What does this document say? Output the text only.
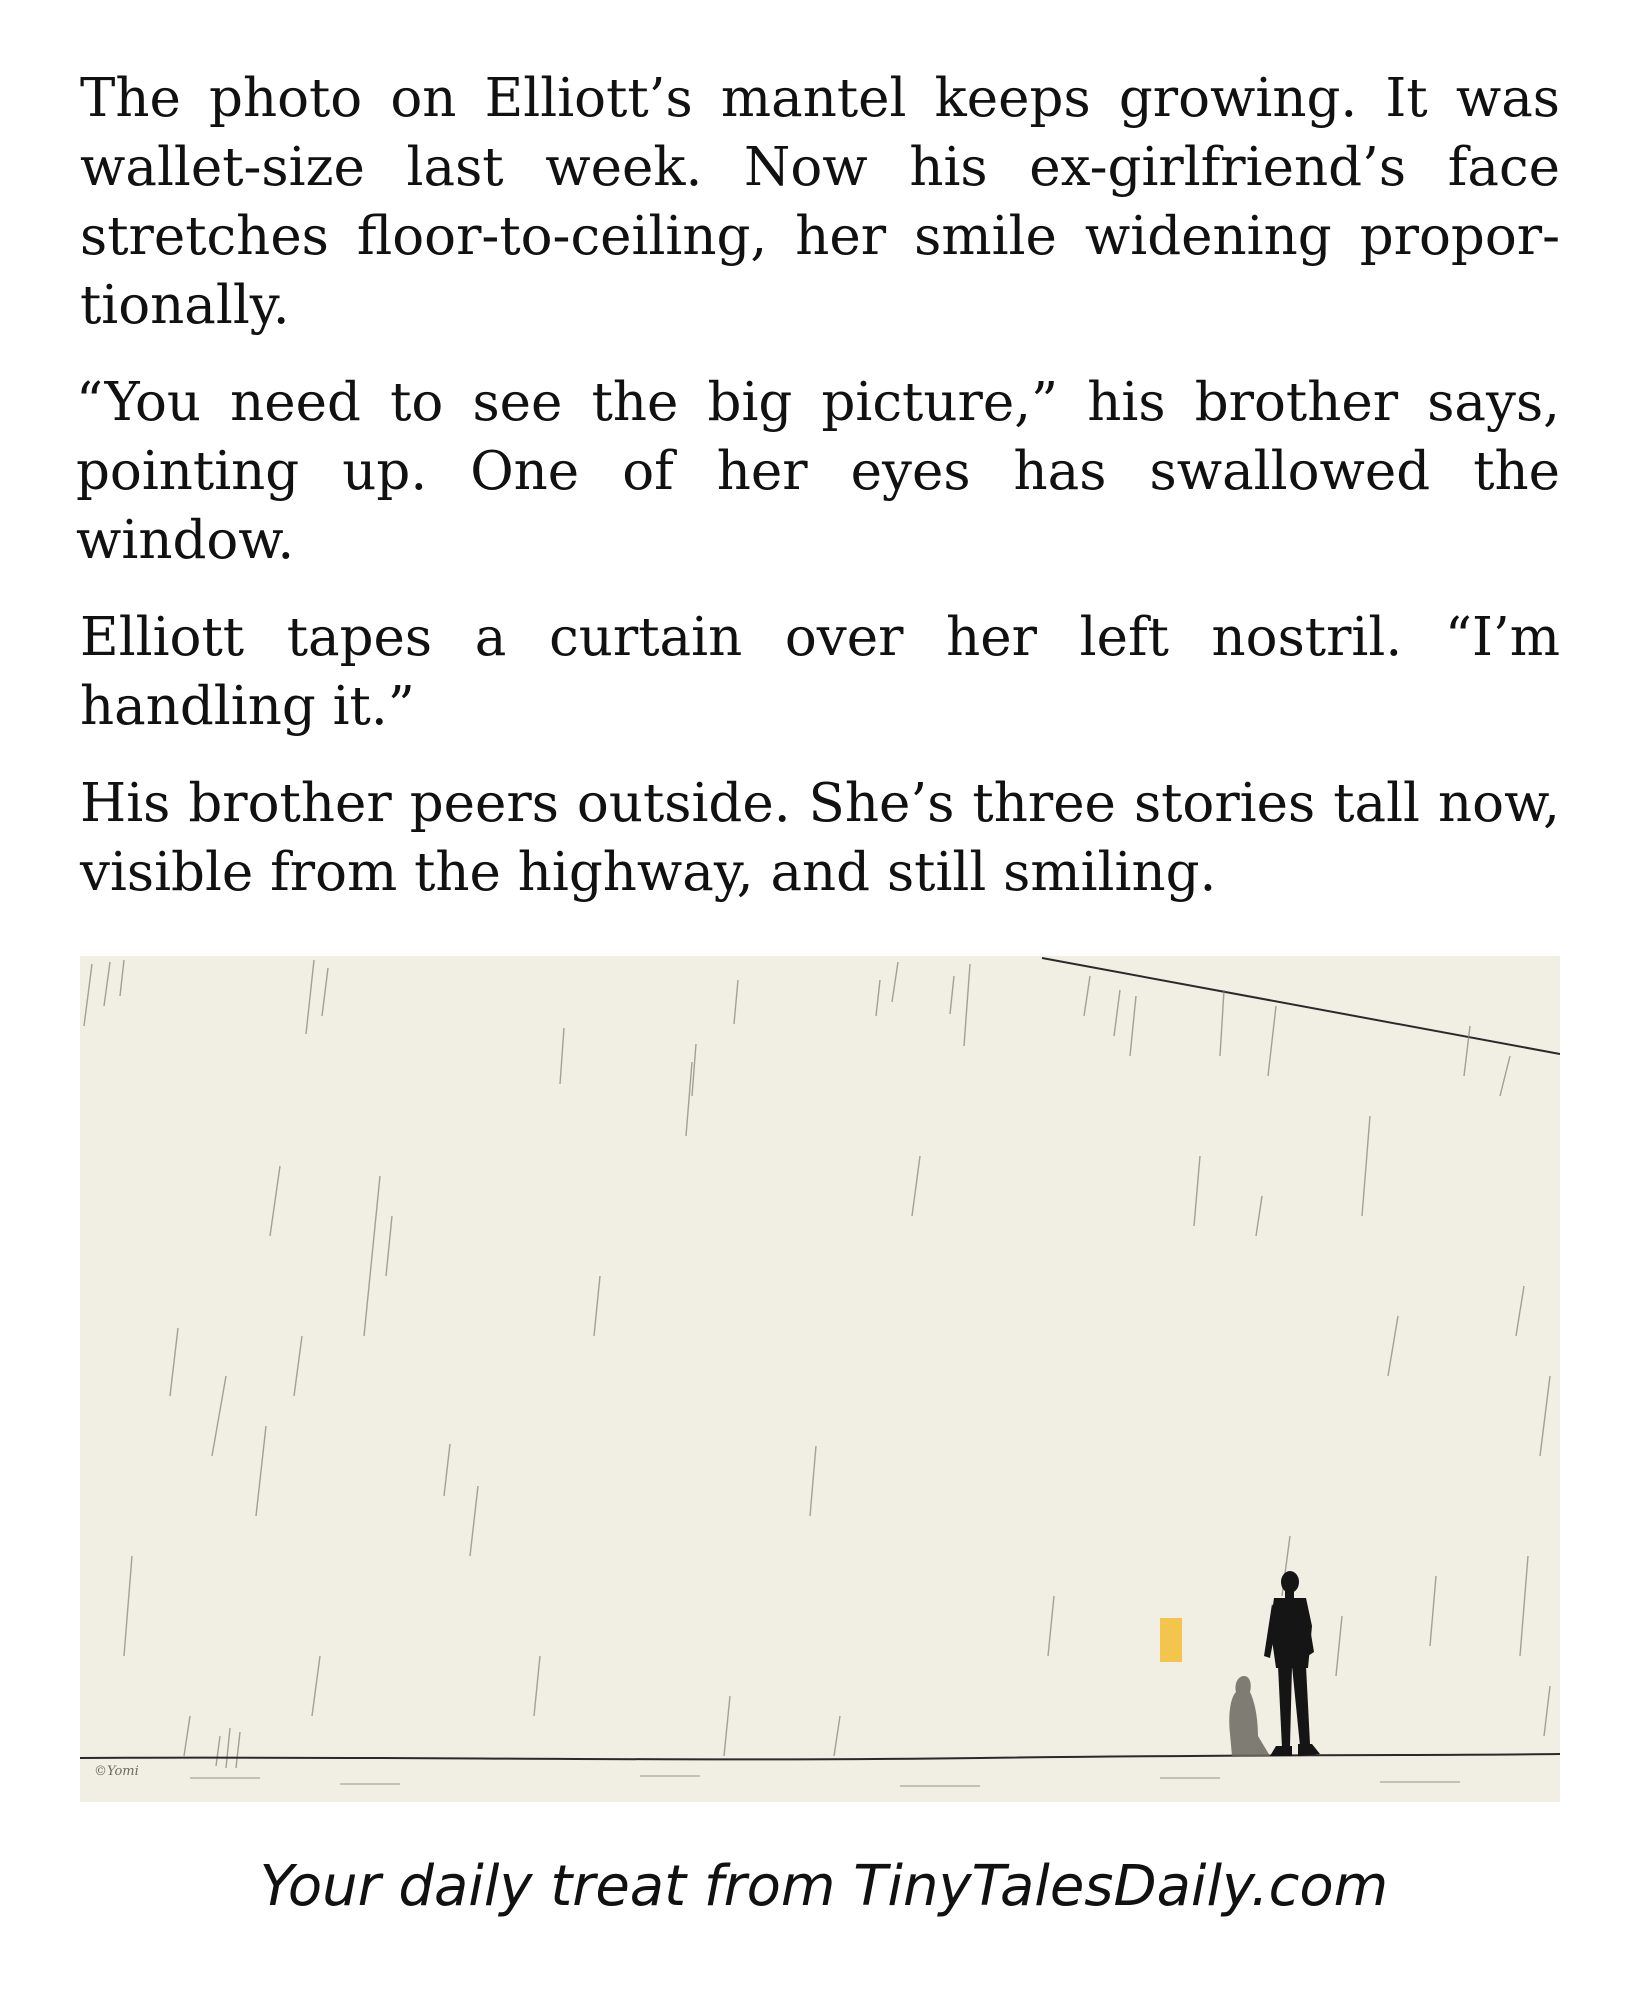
The photo on Elliott’s mantel keeps growing. It was wallet-size last week. Now his ex-girlfriend’s face stretches floor-to-ceiling, her smile widening proportionally.

“You need to see the big picture,” his brother says, pointing up. One of her eyes has swallowed the window.

Elliott tapes a curtain over her left nostril. “I’m handling it.”

His brother peers outside. She’s three stories tall now, visible from the highway, and still smiling.

©Yomi
Your daily treat from TinyTalesDaily.com
